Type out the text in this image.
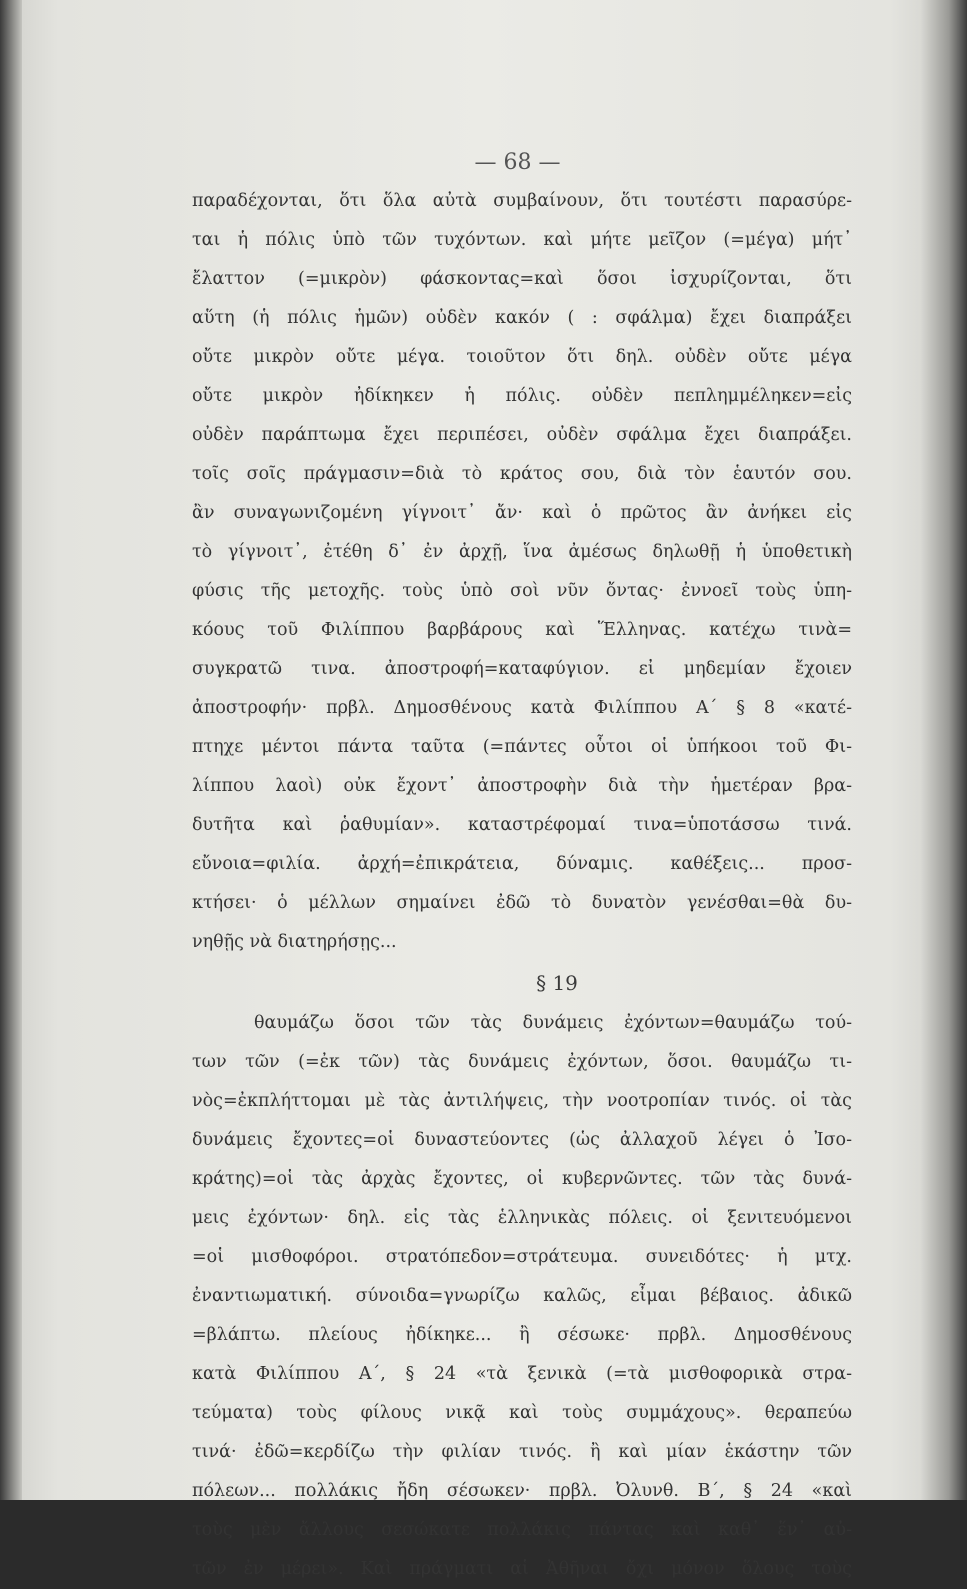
— 68 —
παραδέχονται, ὅτι ὅλα αὐτὰ συμβαίνουν, ὅτι τουτέστι παρασύρε-
ται ἡ πόλις ὑπὸ τῶν τυχόντων. καὶ μήτε μεῖζον (=μέγα) μήτ᾿
ἔλαττον (=μικρὸν) φάσκοντας=καὶ ὅσοι ἰσχυρίζονται, ὅτι
αὕτη (ἡ πόλις ἡμῶν) οὐδὲν κακόν ( : σφάλμα) ἔχει διαπράξει
οὔτε μικρὸν οὔτε μέγα. τοιοῦτον ὅτι δηλ. οὐδὲν οὔτε μέγα
οὔτε μικρὸν ἠδίκηκεν ἡ πόλις. οὐδὲν πεπλημμέληκεν=εἰς
οὐδὲν παράπτωμα ἔχει περιπέσει, οὐδὲν σφάλμα ἔχει διαπράξει.
τοῖς σοῖς πράγμασιν=διὰ τὸ κράτος σου, διὰ τὸν ἑαυτόν σου.
ἂν συναγωνιζομένη γίγνοιτ᾿ ἄν· καὶ ὁ πρῶτος ἂν ἀνήκει εἰς
τὸ γίγνοιτ᾿, ἐτέθη δ᾿ ἐν ἀρχῇ, ἵνα ἀμέσως δηλωθῇ ἡ ὑποθετικὴ
φύσις τῆς μετοχῆς. τοὺς ὑπὸ σοὶ νῦν ὄντας· ἐννοεῖ τοὺς ὑπη-
κόους τοῦ Φιλίππου βαρβάρους καὶ Ἕλληνας. κατέχω τινὰ=
συγκρατῶ τινα. ἀποστροφή=καταφύγιον. εἰ μηδεμίαν ἔχοιεν
ἀποστροφήν· πρβλ. Δημοσθένους κατὰ Φιλίππου Α΄ § 8 «κατέ-
πτηχε μέντοι πάντα ταῦτα (=πάντες οὗτοι οἱ ὑπήκοοι τοῦ Φι-
λίππου λαοὶ) οὐκ ἔχοντ᾿ ἀποστροφὴν διὰ τὴν ἡμετέραν βρα-
δυτῆτα καὶ ῥαθυμίαν». καταστρέφομαί τινα=ὑποτάσσω τινά.
εὔνοια=φιλία. ἀρχή=ἐπικράτεια, δύναμις. καθέξεις... προσ-
κτήσει· ὁ μέλλων σημαίνει ἐδῶ τὸ δυνατὸν γενέσθαι=θὰ δυ-
νηθῇς νὰ διατηρήσῃς...
§ 19
θαυμάζω ὅσοι τῶν τὰς δυνάμεις ἐχόντων=θαυμάζω τού-
των τῶν (=ἐκ τῶν) τὰς δυνάμεις ἐχόντων, ὅσοι. θαυμάζω τι-
νὸς=ἐκπλήττομαι μὲ τὰς ἀντιλήψεις, τὴν νοοτροπίαν τινός. οἱ τὰς
δυνάμεις ἔχοντες=οἱ δυναστεύοντες (ὡς ἀλλαχοῦ λέγει ὁ Ἰσο-
κράτης)=οἱ τὰς ἀρχὰς ἔχοντες, οἱ κυβερνῶντες. τῶν τὰς δυνά-
μεις ἐχόντων· δηλ. εἰς τὰς ἑλληνικὰς πόλεις. οἱ ξενιτευόμενοι
=οἱ μισθοφόροι. στρατόπεδον=στράτευμα. συνειδότες· ἡ μτχ.
ἐναντιωματική. σύνοιδα=γνωρίζω καλῶς, εἶμαι βέβαιος. ἀδικῶ
=βλάπτω. πλείους ἠδίκηκε... ἢ σέσωκε· πρβλ. Δημοσθένους
κατὰ Φιλίππου Α΄, § 24 «τὰ ξενικὰ (=τὰ μισθοφορικὰ στρα-
τεύματα) τοὺς φίλους νικᾷ καὶ τοὺς συμμάχους». θεραπεύω
τινά· ἐδῶ=κερδίζω τὴν φιλίαν τινός. ἢ καὶ μίαν ἑκάστην τῶν
πόλεων... πολλάκις ἤδη σέσωκεν· πρβλ. Ὀλυνθ. Β΄, § 24 «καὶ
τοὺς μὲν ἄλλους σεσώκατε πολλάκις πάντας καὶ καθ᾿ ἕν᾿ αὐ-
τῶν ἐν μέρει». Καὶ πράγματι αἱ Ἀθῆναι ὄχι μόνον ὅλους τοὺς
